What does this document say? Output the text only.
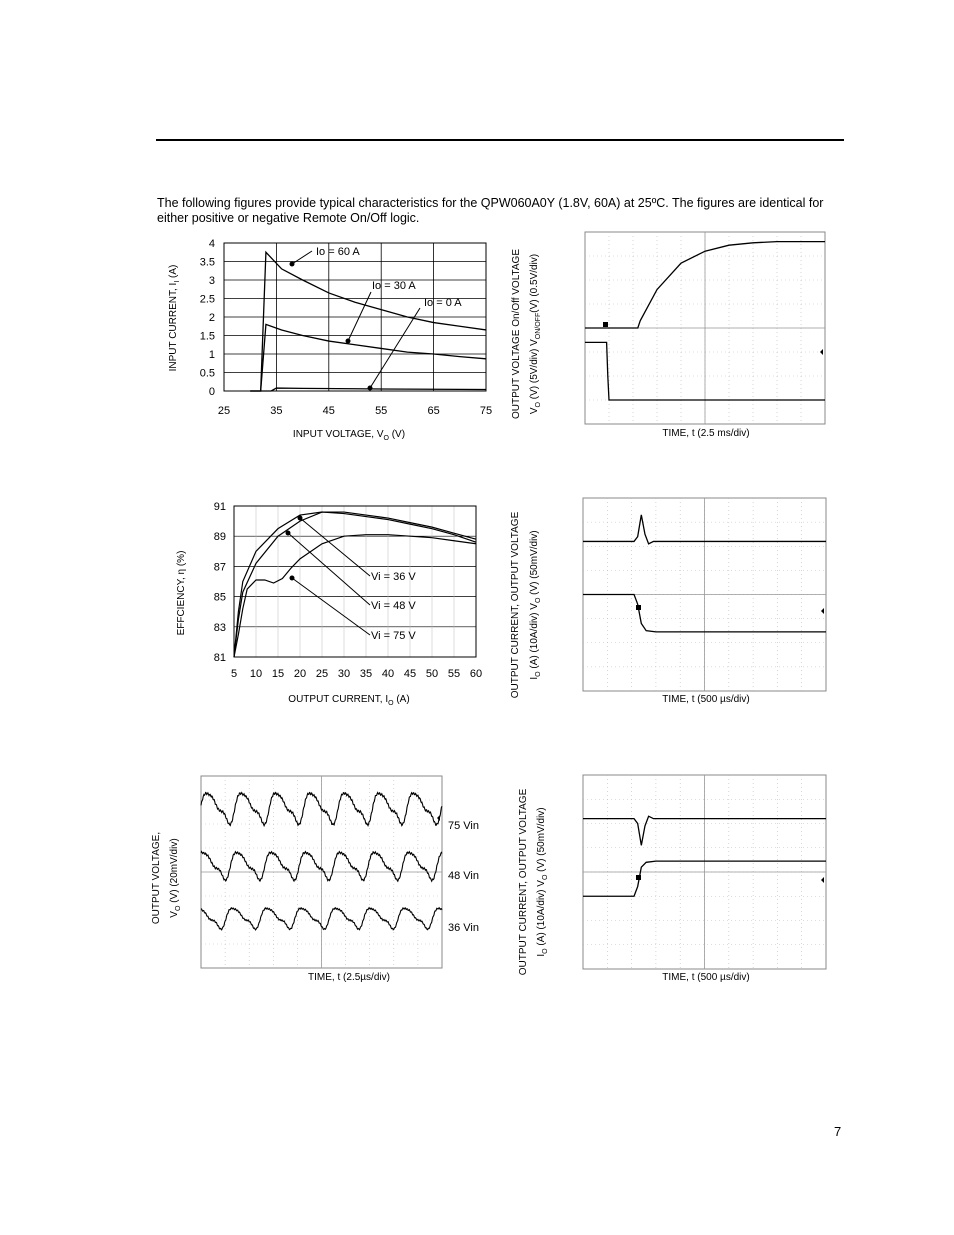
The following figures provide typical characteristics for the QPW060A0Y (1.8V, 60A) at 25ºC. The figures are identical for either positive or negative Remote On/Off logic.
7
0
0.5
1
1.5
2
2.5
3
3.5
4
25	35	45	55	65	75
INPUT VOLTAGE, VO (V)
INPUT CURRENT, II (A)
Io = 60 A
Io = 30 A
Io = 0 A
81
83
85
87
89
91
5 10 15 20 25 30 35 40 45 50 55 60
OUTPUT CURRENT, IO (A)
EFFCIENCY, η (%)	Vi = 36 V
Vi = 48 V
Vi = 75 V
TIME, t (2.5 ms/div)
OUTPUT VOLTAGE On/Off VOLTAGE VO (V) (5V/div) VON/OFF(V) (0.5V/div)
TIME, t (500 µs/div)
OUTPUT CURRENT, OUTPUT VOLTAGE IO (A) (10A/div) VO (V) (50mV/div)
75 Vin
48 Vin
36 Vin
TIME, t (2.5µs/div)
OUTPUT VOLTAGE, VO (V) (20mV/div)
TIME, t (500 µs/div)
OUTPUT CURRENT, OUTPUT VOLTAGE IO (A) (10A/div) VO (V) (50mV/div)
